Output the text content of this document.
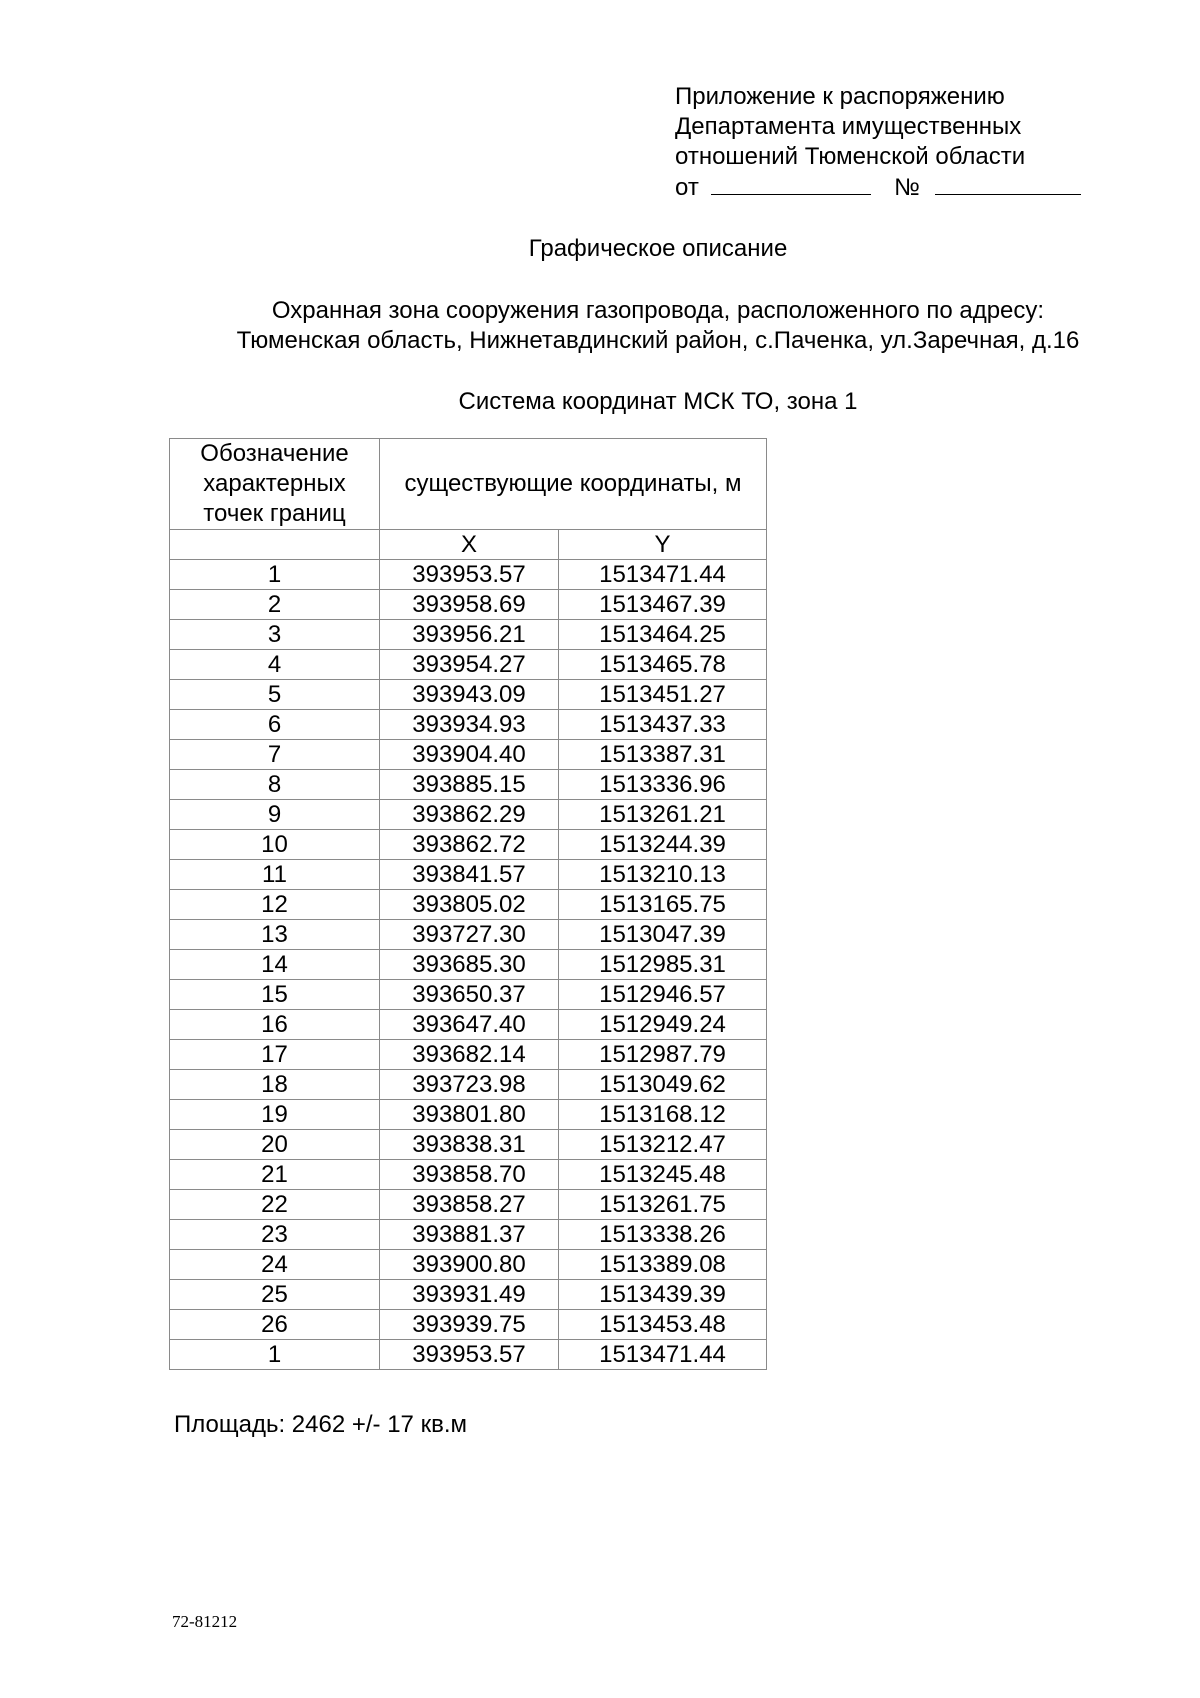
Приложение к распоряжению
Департамента имущественных
отношений Тюменской области
от	№
Графическое описание
Охранная зона сооружения газопровода, расположенного по адресу:
Тюменская область, Нижнетавдинский район, с.Паченка, ул.Заречная, д.16
Система координат МСК ТО, зона 1
Обозначение
характерных
точек границ	существующие координаты, м	
	X	Y
1	393953.57	1513471.44
2	393958.69	1513467.39
3	393956.21	1513464.25
4	393954.27	1513465.78
5	393943.09	1513451.27
6	393934.93	1513437.33
7	393904.40	1513387.31
8	393885.15	1513336.96
9	393862.29	1513261.21
10	393862.72	1513244.39
11	393841.57	1513210.13
12	393805.02	1513165.75
13	393727.30	1513047.39
14	393685.30	1512985.31
15	393650.37	1512946.57
16	393647.40	1512949.24
17	393682.14	1512987.79
18	393723.98	1513049.62
19	393801.80	1513168.12
20	393838.31	1513212.47
21	393858.70	1513245.48
22	393858.27	1513261.75
23	393881.37	1513338.26
24	393900.80	1513389.08
25	393931.49	1513439.39
26	393939.75	1513453.48
1	393953.57	1513471.44
Площадь: 2462 +/- 17 кв.м
72-81212
